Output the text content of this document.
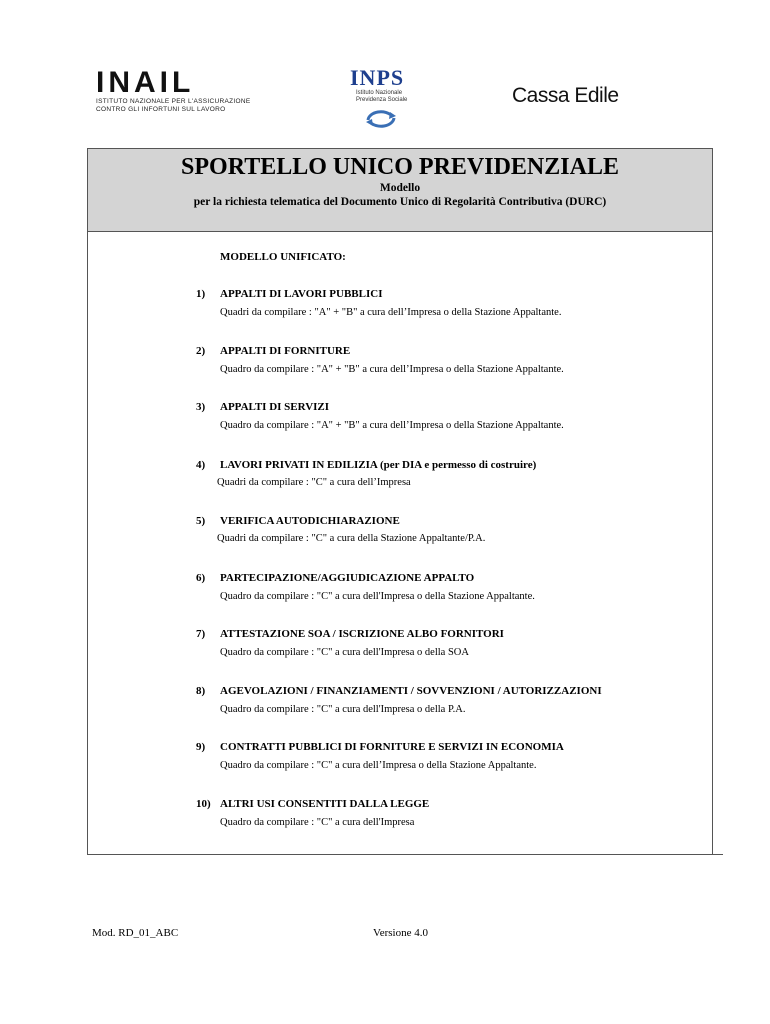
INAIL
ISTITUTO NAZIONALE PER L'ASSICURAZIONE
CONTRO GLI INFORTUNI SUL LAVORO
INPS
Istituto Nazionale
Previdenza Sociale	Cassa Edile
SPORTELLO UNICO PREVIDENZIALE
Modello
per la richiesta telematica del Documento Unico di Regolarità Contributiva (DURC)
MODELLO UNIFICATO:
1) APPALTI DI LAVORI PUBBLICI
Quadri da compilare : "A" + "B" a cura dell’Impresa o della Stazione Appaltante.
2) APPALTI DI FORNITURE
Quadro da compilare : "A" + "B" a cura dell’Impresa o della Stazione Appaltante.
3) APPALTI DI SERVIZI
Quadro da compilare : "A" + "B" a cura dell’Impresa o della Stazione Appaltante.
4) LAVORI PRIVATI IN EDILIZIA (per DIA e permesso di costruire)
Quadri da compilare : "C" a cura dell’Impresa
5) VERIFICA AUTODICHIARAZIONE
Quadri da compilare : "C" a cura della Stazione Appaltante/P.A.
6) PARTECIPAZIONE/AGGIUDICAZIONE APPALTO
Quadro da compilare : "C" a cura dell'Impresa o della Stazione Appaltante.
7) ATTESTAZIONE SOA / ISCRIZIONE ALBO FORNITORI
Quadro da compilare : "C" a cura dell'Impresa o della SOA
8) AGEVOLAZIONI / FINANZIAMENTI / SOVVENZIONI / AUTORIZZAZIONI
Quadro da compilare : "C" a cura dell'Impresa o della P.A.
9) CONTRATTI PUBBLICI DI FORNITURE E SERVIZI IN ECONOMIA
Quadro da compilare : "C" a cura dell’Impresa o della Stazione Appaltante.
10) ALTRI USI CONSENTITI DALLA LEGGE
Quadro da compilare : "C" a cura dell'Impresa
Mod. RD_01_ABC	Versione 4.0
